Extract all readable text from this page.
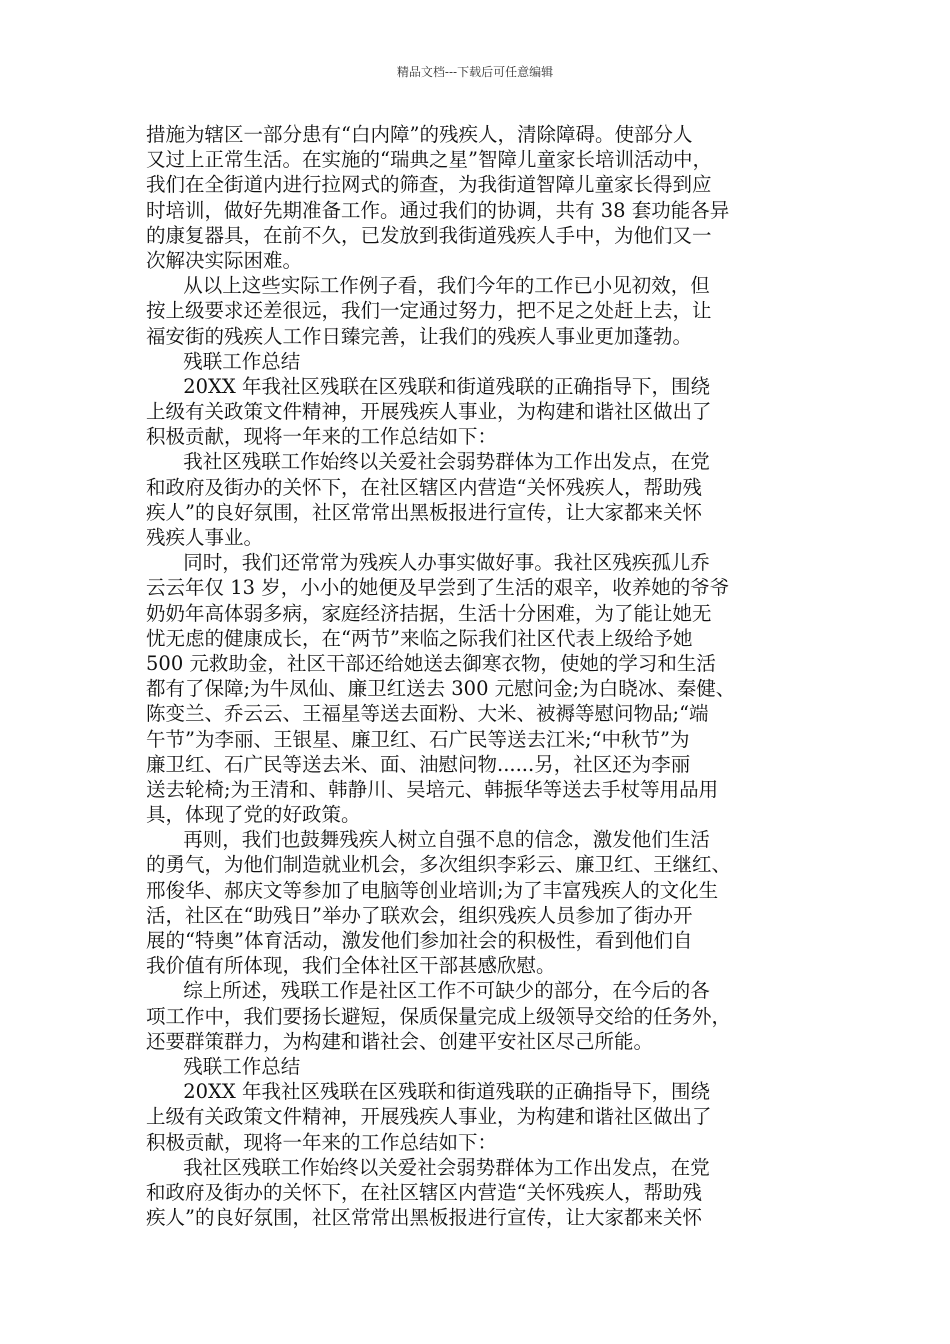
精品文档---下载后可任意编辑
措施为辖区一部分患有“白内障”的残疾人，清除障碍。使部分人
又过上正常生活。在实施的“瑞典之星”智障儿童家长培训活动中，
我们在全街道内进行拉网式的筛查，为我街道智障儿童家长得到应
时培训，做好先期准备工作。通过我们的协调，共有 38 套功能各异
的康复器具，在前不久，已发放到我街道残疾人手中，为他们又一
次解决实际困难。
从以上这些实际工作例子看，我们今年的工作已小见初效，但
按上级要求还差很远，我们一定通过努力，把不足之处赶上去，让
福安街的残疾人工作日臻完善，让我们的残疾人事业更加蓬勃。
残联工作总结
20XX 年我社区残联在区残联和街道残联的正确指导下，围绕
上级有关政策文件精神，开展残疾人事业，为构建和谐社区做出了
积极贡献，现将一年来的工作总结如下：
我社区残联工作始终以关爱社会弱势群体为工作出发点，在党
和政府及街办的关怀下，在社区辖区内营造“关怀残疾人，帮助残
疾人”的良好氛围，社区常常出黑板报进行宣传，让大家都来关怀
残疾人事业。
同时，我们还常常为残疾人办事实做好事。我社区残疾孤儿乔
云云年仅 13 岁，小小的她便及早尝到了生活的艰辛，收养她的爷爷
奶奶年高体弱多病，家庭经济拮据，生活十分困难，为了能让她无
忧无虑的健康成长，在“两节”来临之际我们社区代表上级给予她
500 元救助金，社区干部还给她送去御寒衣物，使她的学习和生活
都有了保障;为牛凤仙、廉卫红送去 300 元慰问金;为白晓冰、秦健、
陈变兰、乔云云、王福星等送去面粉、大米、被褥等慰问物品;“端
午节”为李丽、王银星、廉卫红、石广民等送去江米;“中秋节”为
廉卫红、石广民等送去米、面、油慰问物......另，社区还为李丽
送去轮椅;为王清和、韩静川、吴培元、韩振华等送去手杖等用品用
具，体现了党的好政策。
再则，我们也鼓舞残疾人树立自强不息的信念，激发他们生活
的勇气，为他们制造就业机会，多次组织李彩云、廉卫红、王继红、
邢俊华、郝庆文等参加了电脑等创业培训;为了丰富残疾人的文化生
活，社区在“助残日”举办了联欢会，组织残疾人员参加了街办开
展的“特奥”体育活动，激发他们参加社会的积极性，看到他们自
我价值有所体现，我们全体社区干部甚感欣慰。
综上所述，残联工作是社区工作不可缺少的部分，在今后的各
项工作中，我们要扬长避短，保质保量完成上级领导交给的任务外，
还要群策群力，为构建和谐社会、创建平安社区尽己所能。
残联工作总结
20XX 年我社区残联在区残联和街道残联的正确指导下，围绕
上级有关政策文件精神，开展残疾人事业，为构建和谐社区做出了
积极贡献，现将一年来的工作总结如下：
我社区残联工作始终以关爱社会弱势群体为工作出发点，在党
和政府及街办的关怀下，在社区辖区内营造“关怀残疾人，帮助残
疾人”的良好氛围，社区常常出黑板报进行宣传，让大家都来关怀
